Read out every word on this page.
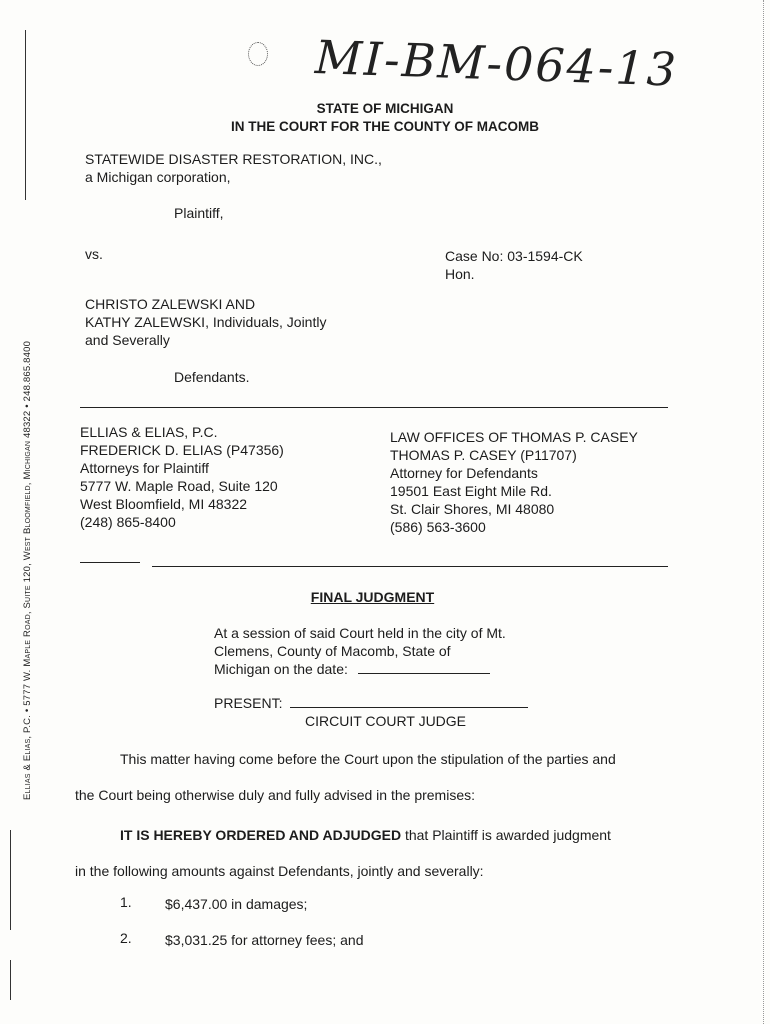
Ellias & Elias, P.C. • 5777 W. Maple Road, Suite 120, West Bloomfield, Michigan 48322 • 248.865.8400
MI-BM-064-13
STATE OF MICHIGAN
IN THE COURT FOR THE COUNTY OF MACOMB
STATEWIDE DISASTER RESTORATION, INC.,
a Michigan corporation,
Plaintiff,
vs.	Case No: 03-1594-CK
Hon.
CHRISTO ZALEWSKI AND
KATHY ZALEWSKI, Individuals, Jointly
and Severally
Defendants.
ELLIAS & ELIAS, P.C.
FREDERICK D. ELIAS (P47356)
Attorneys for Plaintiff
5777 W. Maple Road, Suite 120
West Bloomfield, MI 48322
(248) 865-8400
LAW OFFICES OF THOMAS P. CASEY
THOMAS P. CASEY (P11707)
Attorney for Defendants
19501 East Eight Mile Rd.
St. Clair Shores, MI 48080
(586) 563-3600
FINAL JUDGMENT
At a session of said Court held in the city of Mt.
Clemens, County of Macomb, State of
Michigan on the date:
PRESENT:
CIRCUIT COURT JUDGE
This matter having come before the Court upon the stipulation of the parties and
the Court being otherwise duly and fully advised in the premises:
IT IS HEREBY ORDERED AND ADJUDGED that Plaintiff is awarded judgment
in the following amounts against Defendants, jointly and severally:
1. $6,437.00 in damages;
2. $3,031.25 for attorney fees; and
